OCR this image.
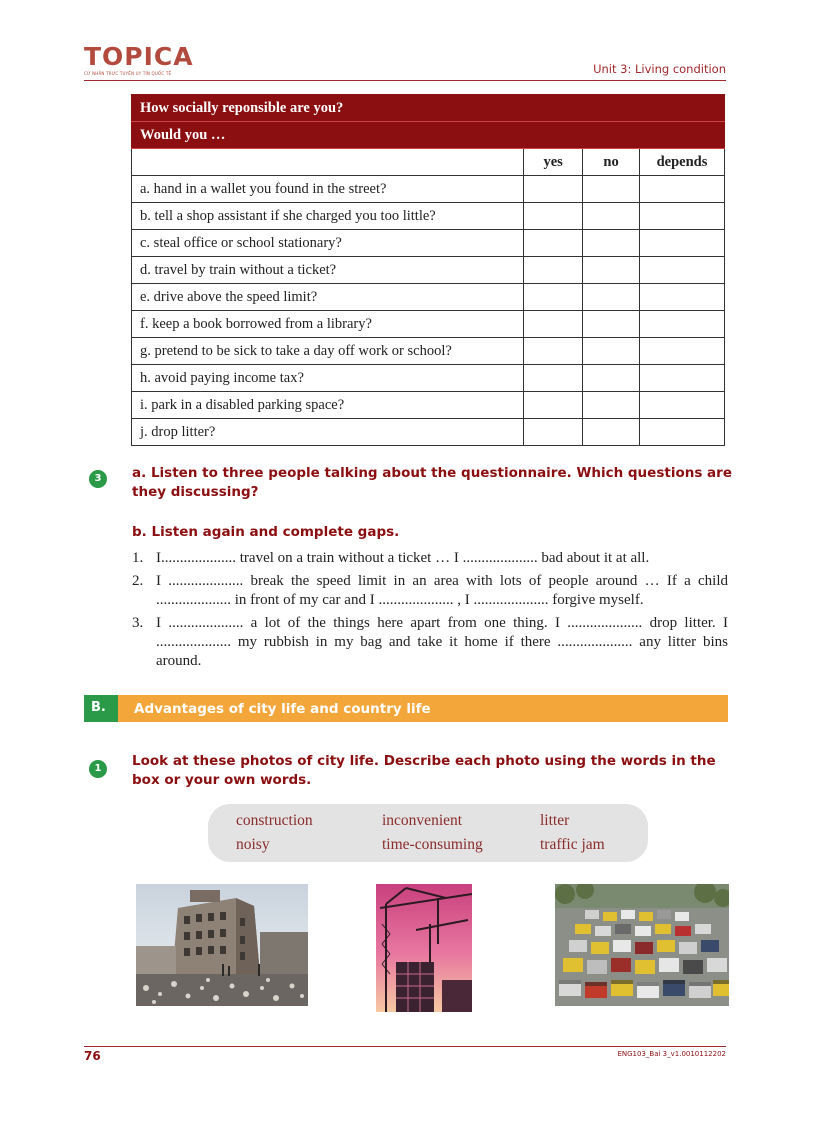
TOPICA
CỬ NHÂN TRỰC TUYẾN UY TÍN QUỐC TẾ	Unit 3: Living condition
How socially reponsible are you?			
Would you …			
	yes	no	depends
a. hand in a wallet you found in the street?			
b. tell a shop assistant if she charged you too little?			
c. steal office or school stationary?			
d. travel by train without a ticket?			
e. drive above the speed limit?			
f. keep a book borrowed from a library?			
g. pretend to be sick to take a day off work or school?			
h. avoid paying income tax?			
i. park in a disabled parking space?			
j. drop litter?			
3	a. Listen to three people talking about the questionnaire. Which questions are they discussing?
b. Listen again and complete gaps.
1. I.................... travel on a train without a ticket … I .................... bad about it at all.
2. I .................... break the speed limit in an area with lots of people around … If a child .................... in front of my car and I .................... , I .................... forgive myself.
3. I .................... a lot of the things here apart from one thing. I .................... drop litter. I .................... my rubbish in my bag and take it home if there .................... any litter bins around.
B.	Advantages of city life and country life
1	Look at these photos of city life. Describe each photo using the words in the box or your own words.
construction	inconvenient	litter
noisy	time-consuming	traffic jam
76	ENG103_Bai 3_v1.0010112202
